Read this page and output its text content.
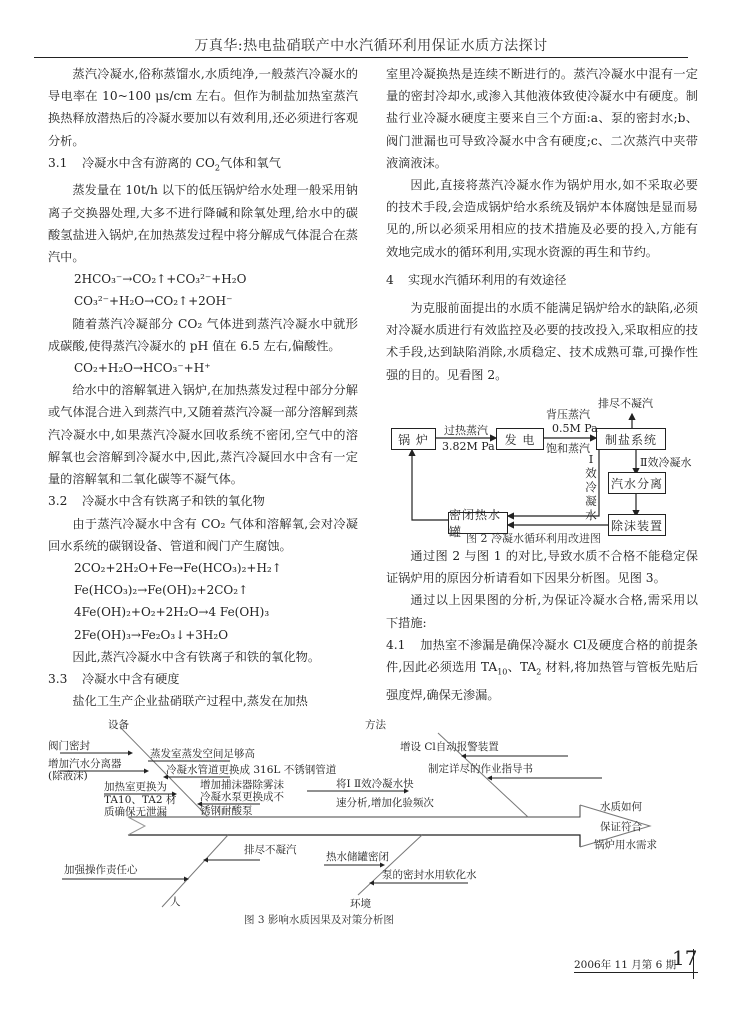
万真华:热电盐硝联产中水汽循环利用保证水质方法探讨

蒸汽冷凝水,俗称蒸馏水,水质纯净,一般蒸汽冷凝水的导电率在 10~100 μs/cm 左右。但作为制盐加热室蒸汽换热释放潜热后的冷凝水要加以有效利用,还必须进行客观分析。

3.1 冷凝水中含有游离的 $CO_2$气体和氧气

蒸发量在 10t/h 以下的低压锅炉给水处理一般采用钠离子交换器处理,大多不进行降碱和除氧处理,给水中的碳酸氢盐进入锅炉,在加热蒸发过程中将分解成气体混合在蒸汽中。

2HCO₃⁻→CO₂↑+CO₃²⁻+H₂O

CO₃²⁻+H₂O→CO₂↑+2OH⁻

随着蒸汽冷凝部分 CO₂ 气体进到蒸汽冷凝水中就形成碳酸,使得蒸汽冷凝水的 pH 值在 6.5 左右,偏酸性。

CO₂+H₂O→HCO₃⁻+H⁺

给水中的溶解氧进入锅炉,在加热蒸发过程中部分分解或气体混合进入到蒸汽中,又随着蒸汽冷凝一部分溶解到蒸汽冷凝水中,如果蒸汽冷凝水回收系统不密闭,空气中的溶解氧也会溶解到冷凝水中,因此,蒸汽冷凝回水中含有一定量的溶解氧和二氧化碳等不凝气体。

3.2 冷凝水中含有铁离子和铁的氧化物

由于蒸汽冷凝水中含有 CO₂ 气体和溶解氧,会对冷凝回水系统的碳钢设备、管道和阀门产生腐蚀。

2CO₂+2H₂O+Fe→Fe(HCO₃)₂+H₂↑

Fe(HCO₃)₂→Fe(OH)₂+2CO₂↑

4Fe(OH)₂+O₂+2H₂O→4 Fe(OH)₃

2Fe(OH)₃→Fe₂O₃↓+3H₂O

因此,蒸汽冷凝水中含有铁离子和铁的氧化物。

3.3 冷凝水中含有硬度

盐化工生产企业盐硝联产过程中,蒸发在加热

室里冷凝换热是连续不断进行的。蒸汽冷凝水中混有一定量的密封冷却水,或渗入其他液体致使冷凝水中有硬度。制盐行业冷凝水硬度主要来自三个方面:a、泵的密封水;b、阀门泄漏也可导致冷凝水中含有硬度;c、二次蒸汽中夹带液滴液沫。

因此,直接将蒸汽冷凝水作为锅炉用水,如不采取必要的技术手段,会造成锅炉给水系统及锅炉本体腐蚀是显而易见的,所以必须采用相应的技术措施及必要的投入,方能有效地完成水的循环利用,实现水资源的再生和节约。

4 实现水汽循环利用的有效途径

为克服前面提出的水质不能满足锅炉给水的缺陷,必须对冷凝水质进行有效监控及必要的技改投入,采取相应的技术手段,达到缺陷消除,水质稳定、技术成熟可靠,可操作性强的目的。见看图 2。

锅 炉	发 电	制盐系统
汽水分离
除沫装置
密闭热水罐
过热蒸汽
3.82M Pa
背压蒸汽
0.5M Pa
饱和蒸汽
排尽不凝汽
Ⅱ效冷凝水
Ⅰ效冷凝水
图 2 冷凝水循环利用改进图

通过图 2 与图 1 的对比,导致水质不合格不能稳定保证锅炉用的原因分析请看如下因果分析图。见图 3。

通过以上因果图的分析,为保证冷凝水合格,需采用以下措施:

4.1 加热室不渗漏是确保冷凝水 Cl及硬度合格的前提条件,因此必须选用 $TA_{10}$、$TA_2$ 材料,将加热管与管板先贴后强度焊,确保无渗漏。

设备
阀门密封
蒸发室蒸发空间足够高
增加汽水分离器
(除液沫)	冷凝水管道更换成 316L 不锈钢管道
加热室更换为
TA10、TA2 材
质确保无泄漏
增加捕沫器除雾沫
冷凝水泵更换成不
锈钢耐酸泵
方法
增设 Cl自动报警装置
制定详尽的作业指导书
将Ⅰ Ⅱ效冷凝水快
速分析,增加化验频次	水质如何
保证符合
锅炉用水需求
排尽不凝汽
加强操作责任心
人
热水储罐密闭
泵的密封水用软化水
环境
图 3 影响水质因果及对策分析图
2006年 11 月第 6 期
17
